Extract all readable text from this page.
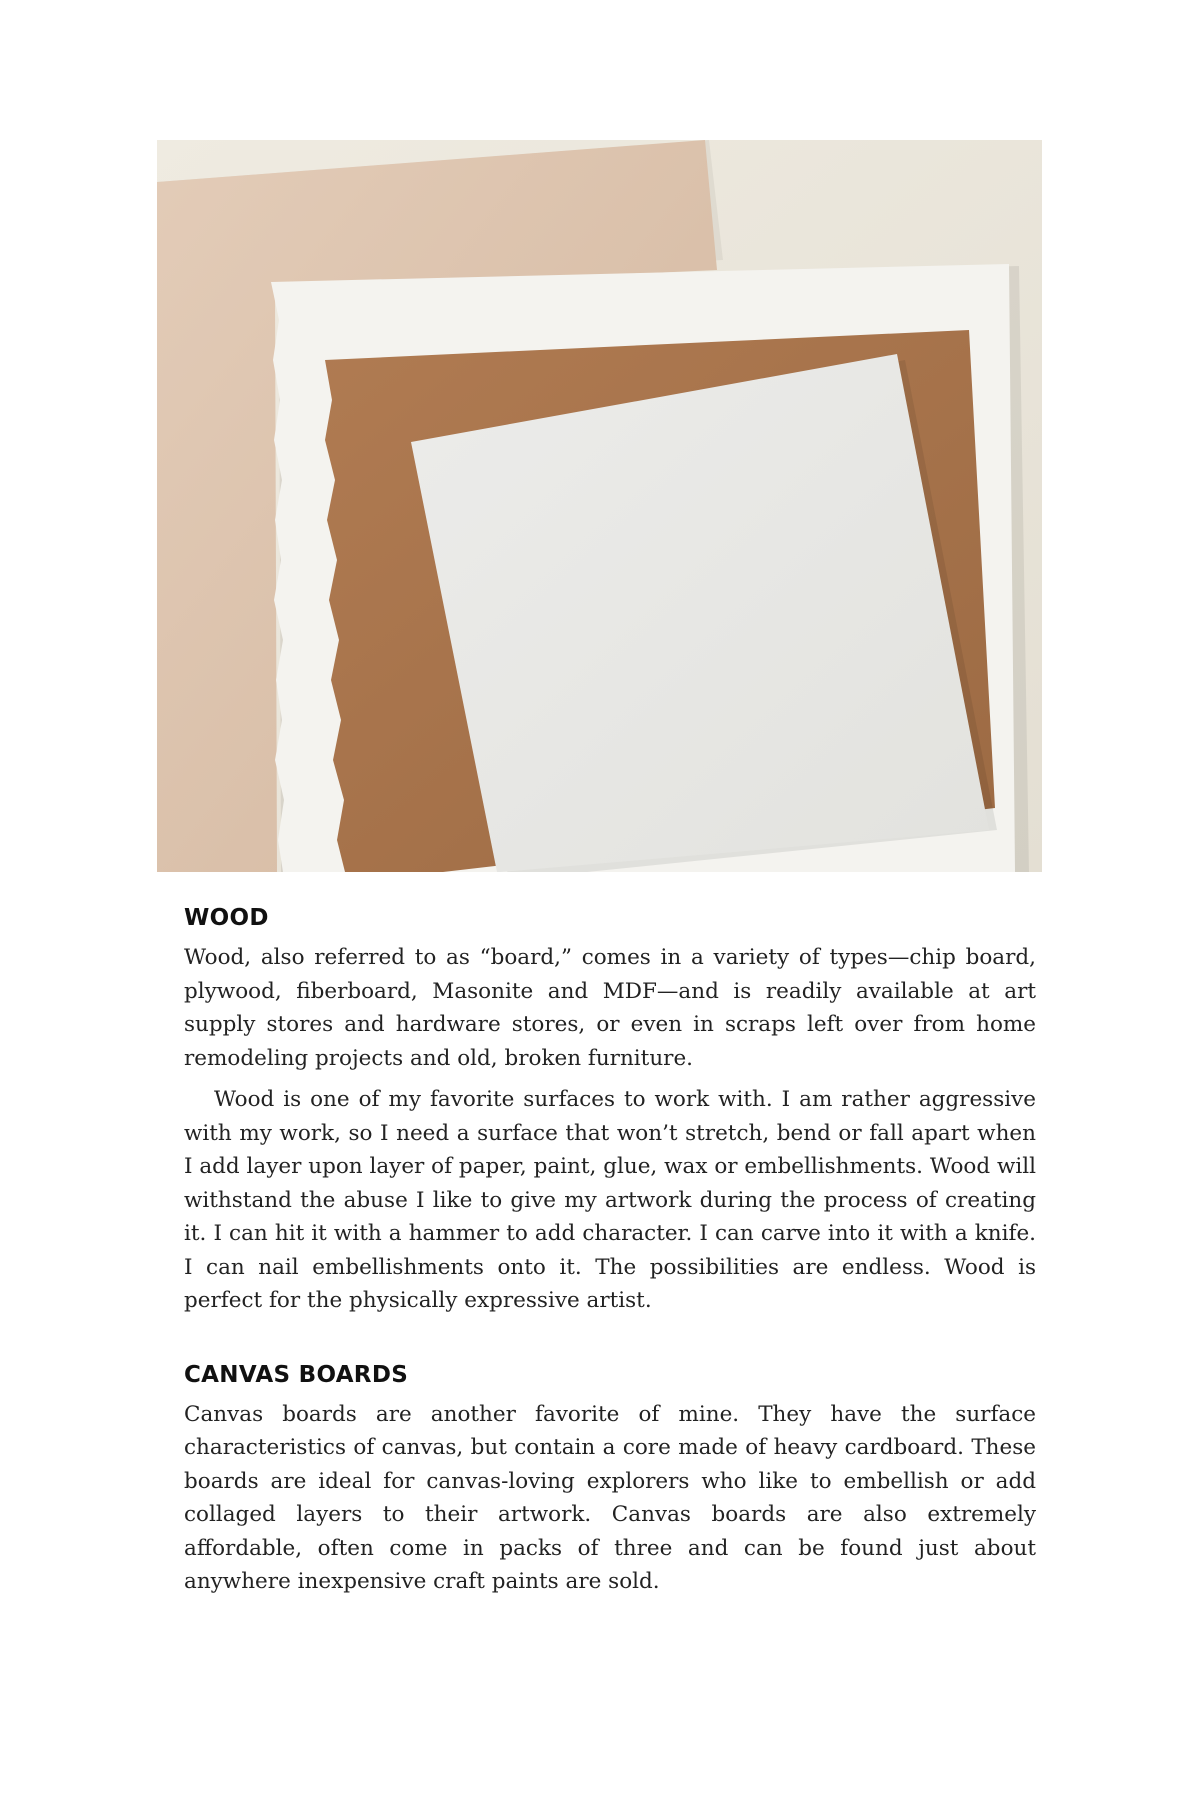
WOOD

Wood, also referred to as “board,” comes in a variety of types—chip board, plywood, fiberboard, Masonite and MDF—and is readily available at art supply stores and hardware stores, or even in scraps left over from home remodeling projects and old, broken furniture.

Wood is one of my favorite surfaces to work with. I am rather aggressive with my work, so I need a surface that won’t stretch, bend or fall apart when I add layer upon layer of paper, paint, glue, wax or embellishments. Wood will withstand the abuse I like to give my artwork during the process of creating it. I can hit it with a hammer to add character. I can carve into it with a knife. I can nail embellishments onto it. The possibilities are endless. Wood is perfect for the physically expressive artist.

CANVAS BOARDS

Canvas boards are another favorite of mine. They have the surface characteristics of canvas, but contain a core made of heavy cardboard. These boards are ideal for canvas-loving explorers who like to embellish or add collaged layers to their artwork. Canvas boards are also extremely affordable, often come in packs of three and can be found just about anywhere inexpensive craft paints are sold.
